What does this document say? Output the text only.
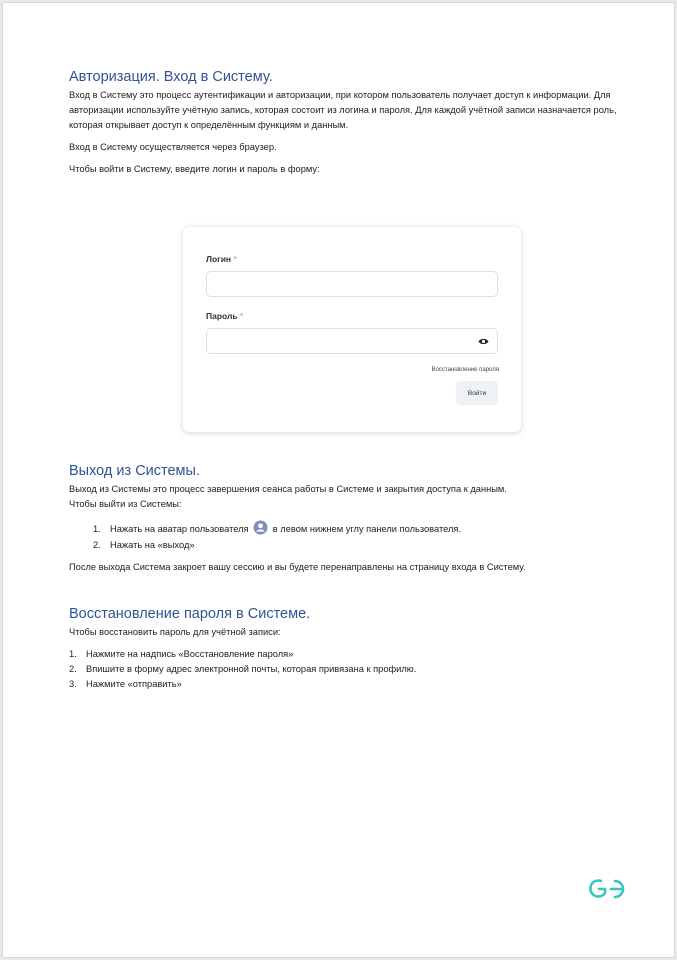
Авторизация. Вход в Систему.

Вход в Систему это процесс аутентификации и авторизации, при котором пользователь получает доступ к информации. Для авторизации используйте учётную запись, которая состоит из логина и пароля. Для каждой учётной записи назначается роль, которая открывает доступ к определённым функциям и данным.

Вход в Систему осуществляется через браузер.

Чтобы войти в Систему, введите логин и пароль в форму:

Логин *
Пароль *
Восстановление пароля
Войти
Выход из Системы.

Выход из Системы это процесс завершения сеанса работы в Системе и закрытия доступа к данным.

Чтобы выйти из Системы:

1. Нажать на аватар пользователя	в левом нижнем углу панели пользователя.
2. Нажать на «выход»

После выхода Система закроет вашу сессию и вы будете перенаправлены на страницу входа в Систему.

Восстановление пароля в Системе.

Чтобы восстановить пароль для учётной записи:

1. Нажмите на надпись «Восстановление пароля»
2. Впишите в форму адрес электронной почты, которая привязана к профилю.
3. Нажмите «отправить»
